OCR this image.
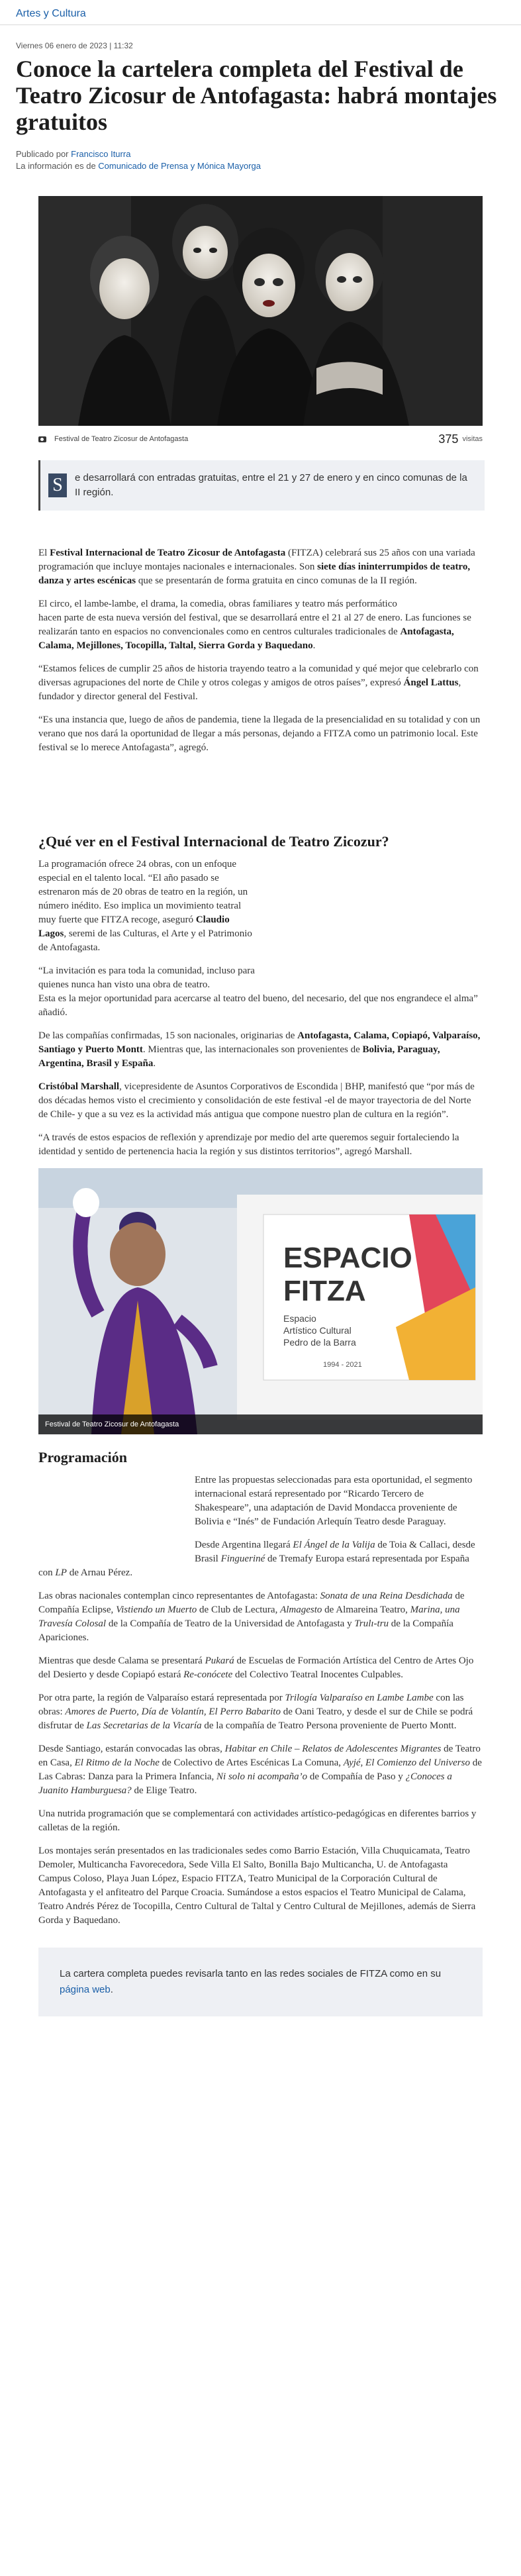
Artes y Cultura
Viernes 06 enero de 2023 | 11:32
Conoce la cartelera completa del Festival de Teatro Zicosur de Antofagasta: habrá montajes gratuitos
Publicado por Francisco Iturra
La información es de Comunicado de Prensa y Mónica Mayorga
Festival de Teatro Zicosur de Antofagasta	375 visitas
S	e desarrollará con entradas gratuitas, entre el 21 y 27 de enero y en cinco comunas de la II región.

El Festival Internacional de Teatro Zicosur de Antofagasta (FITZA) celebrará sus 25 años con una variada programación que incluye montajes nacionales e internacionales. Son siete días ininterrumpidos de teatro, danza y artes escénicas que se presentarán de forma gratuita en cinco comunas de la II región.

El circo, el lambe-lambe, el drama, la comedia, obras familiares y teatro más performático

hacen parte de esta nueva versión del festival, que se desarrollará entre el 21 al 27 de enero. Las funciones se realizarán tanto en espacios no convencionales como en centros culturales tradicionales de Antofagasta, Calama, Mejillones, Tocopilla, Taltal, Sierra Gorda y Baquedano.

“Estamos felices de cumplir 25 años de historia trayendo teatro a la comunidad y qué mejor que celebrarlo con diversas agrupaciones del norte de Chile y otros colegas y amigos de otros países”, expresó Ángel Lattus, fundador y director general del Festival.

“Es una instancia que, luego de años de pandemia, tiene la llegada de la presencialidad en su totalidad y con un verano que nos dará la oportunidad de llegar a más personas, dejando a FITZA como un patrimonio local. Este festival se lo merece Antofagasta”, agregó.

¿Qué ver en el Festival Internacional de Teatro Zicozur?

La programación ofrece 24 obras, con un enfoque especial en el talento local. “El año pasado se estrenaron más de 20 obras de teatro en la región, un número inédito. Eso implica un movimiento teatral muy fuerte que FITZA recoge, aseguró Claudio Lagos, seremi de las Culturas, el Arte y el Patrimonio de Antofagasta.

“La invitación es para toda la comunidad, incluso para quienes nunca han visto una obra de teatro.
Esta es la mejor oportunidad para acercarse al teatro del bueno, del necesario, del que nos engrandece el alma” añadió.

De las compañías confirmadas, 15 son nacionales, originarias de Antofagasta, Calama, Copiapó, Valparaíso, Santiago y Puerto Montt. Mientras que, las internacionales son provenientes de Bolivia, Paraguay, Argentina, Brasil y España.

Cristóbal Marshall, vicepresidente de Asuntos Corporativos de Escondida | BHP, manifestó que “por más de dos décadas hemos visto el crecimiento y consolidación de este festival -el de mayor trayectoria de del Norte de Chile- y que a su vez es la actividad más antigua que compone nuestro plan de cultura en la región”.

“A través de estos espacios de reflexión y aprendizaje por medio del arte queremos seguir fortaleciendo la identidad y sentido de pertenencia hacia la región y sus distintos territorios”, agregó Marshall.

ESPACIO
FITZA
Espacio
Artístico Cultural
Pedro de la Barra
1994 - 2021
Festival de Teatro Zicosur de Antofagasta
Programación

Entre las propuestas seleccionadas para esta oportunidad, el segmento internacional estará representado por “Ricardo Tercero de Shakespeare”, una adaptación de David Mondacca proveniente de Bolivia e “Inés” de Fundación Arlequín Teatro desde Paraguay.

Desde Argentina llegará El Ángel de la Valija de Toia & Callaci, desde Brasil Fingueriné de Tremafy Europa estará representada por España
con LP de Arnau Pérez.

Las obras nacionales contemplan cinco representantes de Antofagasta: Sonata de una Reina Desdichada de Compañía Eclipse, Vistiendo un Muerto de Club de Lectura, Almagesto de Almareina Teatro, Marina, una Travesía Colosal de la Compañía de Teatro de la Universidad de Antofagasta y Trulı-tru de la Compañía Apariciones.

Mientras que desde Calama se presentará Pukará de Escuelas de Formación Artística del Centro de Artes Ojo del Desierto y desde Copiapó estará Re-conócete del Colectivo Teatral Inocentes Culpables.

Por otra parte, la región de Valparaíso estará representada por Trilogía Valparaíso en Lambe Lambe con las obras: Amores de Puerto, Día de Volantín, El Perro Babarito de Oani Teatro, y desde el sur de Chile se podrá disfrutar de Las Secretarias de la Vicaría de la compañía de Teatro Persona proveniente de Puerto Montt.

Desde Santiago, estarán convocadas las obras, Habitar en Chile – Relatos de Adolescentes Migrantes de Teatro en Casa, El Ritmo de la Noche de Colectivo de Artes Escénicas La Comuna, Ayjé, El Comienzo del Universo de Las Cabras: Danza para la Primera Infancia, Ni solo ni acompaña’o de Compañía de Paso y ¿Conoces a Juanito Hamburguesa? de Elige Teatro.

Una nutrida programación que se complementará con actividades artístico-pedagógicas en diferentes barrios y calletas de la región.

Los montajes serán presentados en las tradicionales sedes como Barrio Estación, Villa Chuquicamata, Teatro Demoler, Multicancha Favorecedora, Sede Villa El Salto, Bonilla Bajo Multicancha, U. de Antofagasta Campus Coloso, Playa Juan López, Espacio FITZA, Teatro Municipal de la Corporación Cultural de Antofagasta y el anfiteatro del Parque Croacia. Sumándose a estos espacios el Teatro Municipal de Calama, Teatro Andrés Pérez de Tocopilla, Centro Cultural de Taltal y Centro Cultural de Mejillones, además de Sierra Gorda y Baquedano.

La cartera completa puedes revisarla tanto en las redes sociales de FITZA como en su página web.
